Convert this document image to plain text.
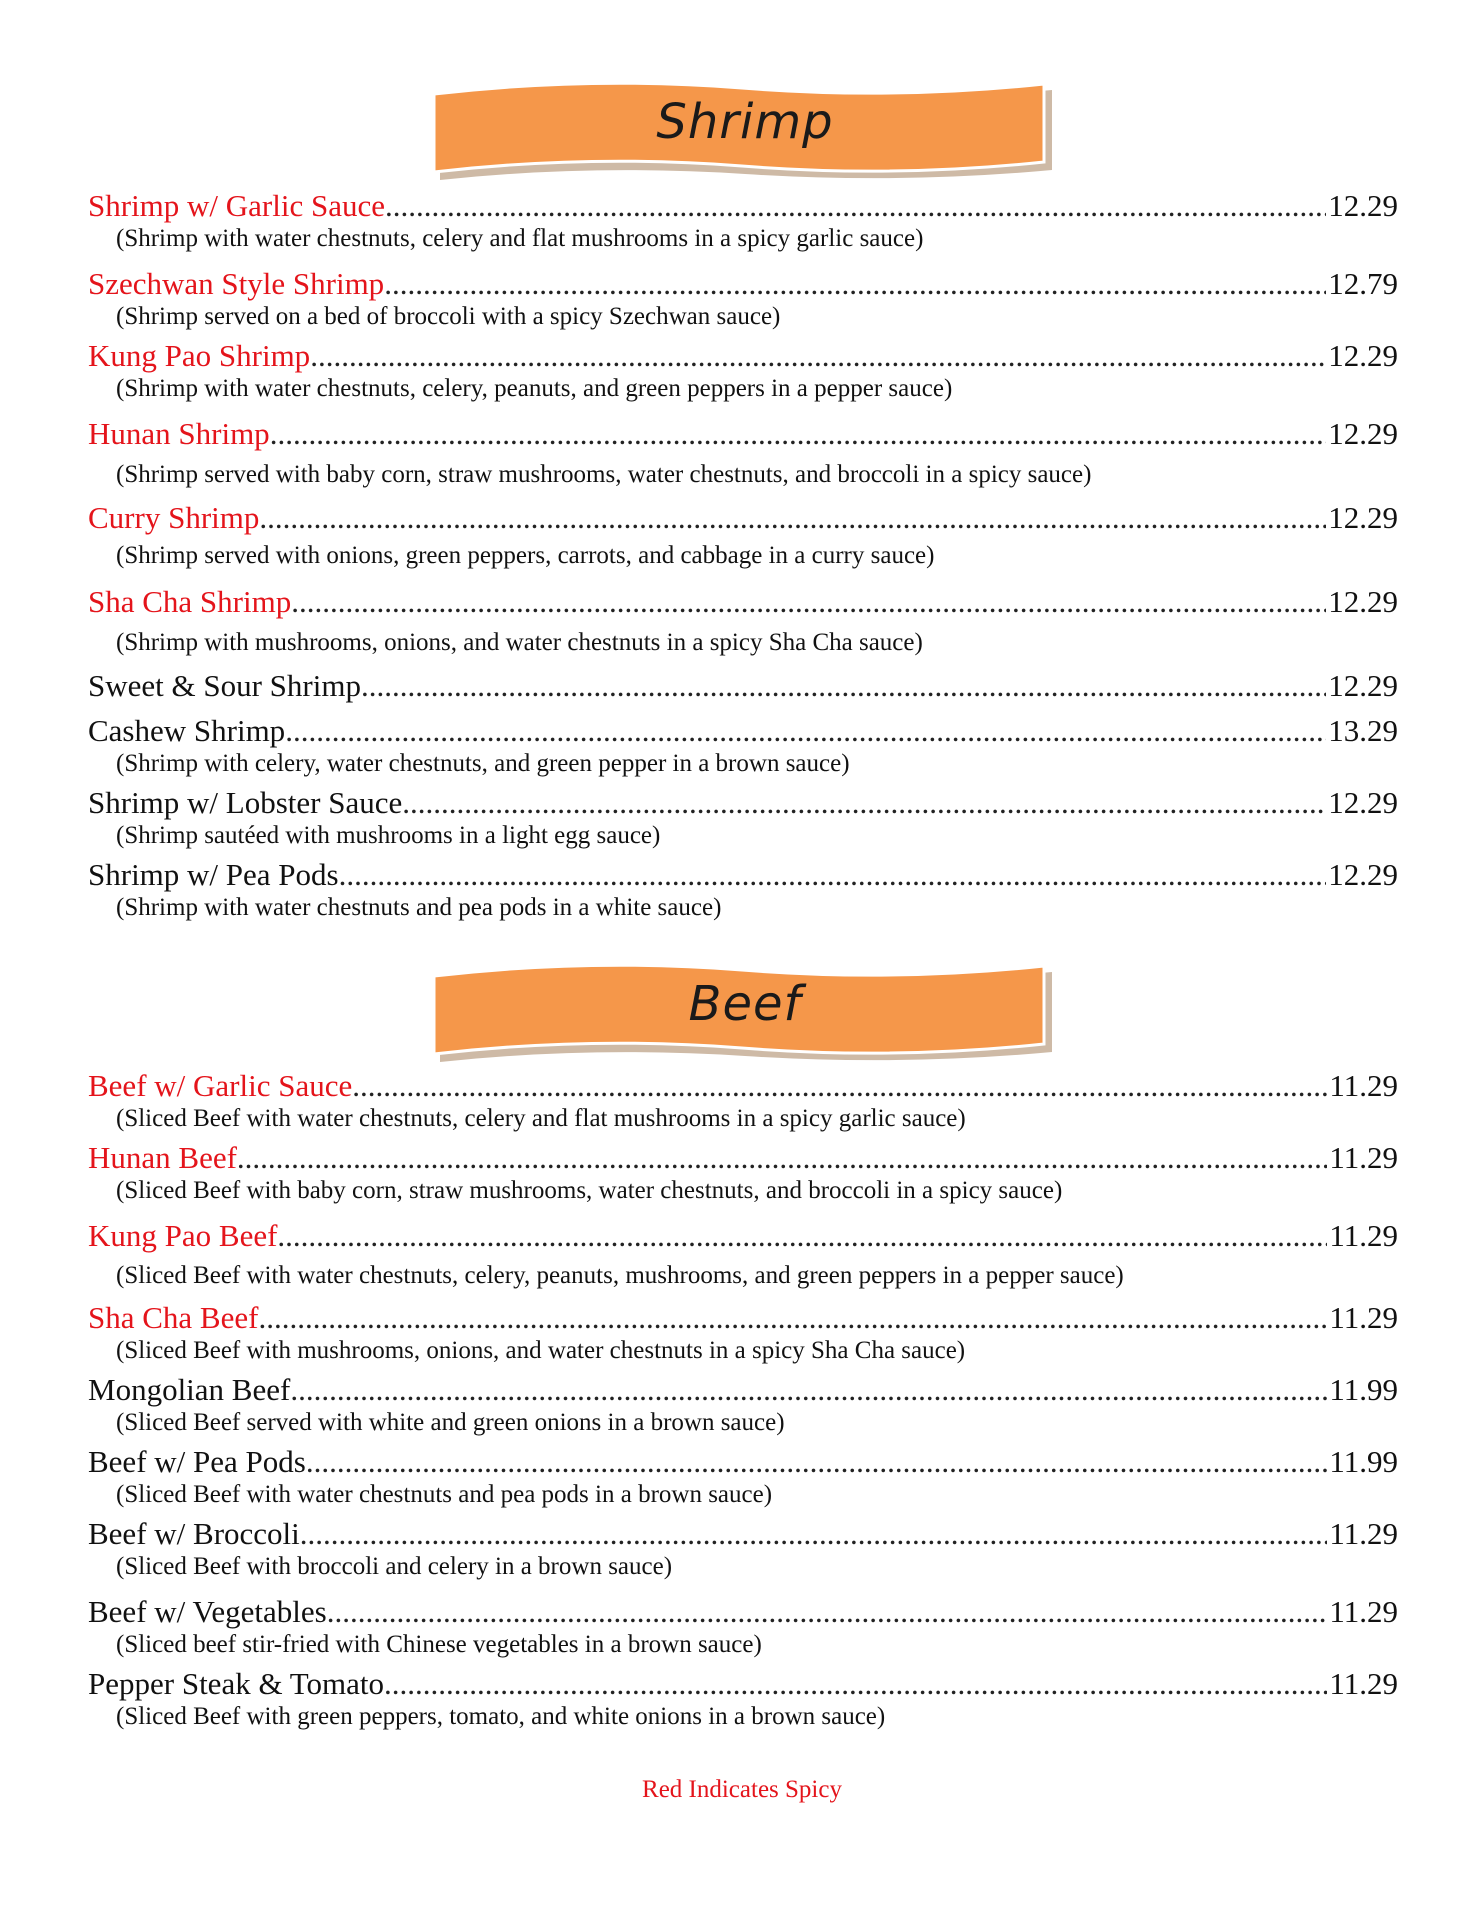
Shrimp
Shrimp w/ Garlic Sauce .....	12.29
(Shrimp with water chestnuts, celery and flat mushrooms in a spicy garlic sauce)
Szechwan Style Shrimp .....	12.79
(Shrimp served on a bed of broccoli with a spicy Szechwan sauce)
Kung Pao Shrimp .....	12.29
(Shrimp with water chestnuts, celery, peanuts, and green peppers in a pepper sauce)
Hunan Shrimp .....	12.29
(Shrimp served with baby corn, straw mushrooms, water chestnuts, and broccoli in a spicy sauce)
Curry Shrimp .....	12.29
(Shrimp served with onions, green peppers, carrots, and cabbage in a curry sauce)
Sha Cha Shrimp .....	12.29
(Shrimp with mushrooms, onions, and water chestnuts in a spicy Sha Cha sauce)
Sweet & Sour Shrimp .....	12.29
Cashew Shrimp .....	13.29
(Shrimp with celery, water chestnuts, and green pepper in a brown sauce)
Shrimp w/ Lobster Sauce .....	12.29
(Shrimp sautéed with mushrooms in a light egg sauce)
Shrimp w/ Pea Pods .....	12.29
(Shrimp with water chestnuts and pea pods in a white sauce)
Beef
Beef w/ Garlic Sauce .....	11.29
(Sliced Beef with water chestnuts, celery and flat mushrooms in a spicy garlic sauce)
Hunan Beef .....	11.29
(Sliced Beef with baby corn, straw mushrooms, water chestnuts, and broccoli in a spicy sauce)
Kung Pao Beef .....	11.29
(Sliced Beef with water chestnuts, celery, peanuts, mushrooms, and green peppers in a pepper sauce)
Sha Cha Beef .....	11.29
(Sliced Beef with mushrooms, onions, and water chestnuts in a spicy Sha Cha sauce)
Mongolian Beef .....	11.99
(Sliced Beef served with white and green onions in a brown sauce)
Beef w/ Pea Pods .....	11.99
(Sliced Beef with water chestnuts and pea pods in a brown sauce)
Beef w/ Broccoli .....	11.29
(Sliced Beef with broccoli and celery in a brown sauce)
Beef w/ Vegetables .....	11.29
(Sliced beef stir-fried with Chinese vegetables in a brown sauce)
Pepper Steak & Tomato .....	11.29
(Sliced Beef with green peppers, tomato, and white onions in a brown sauce)
Red Indicates Spicy
